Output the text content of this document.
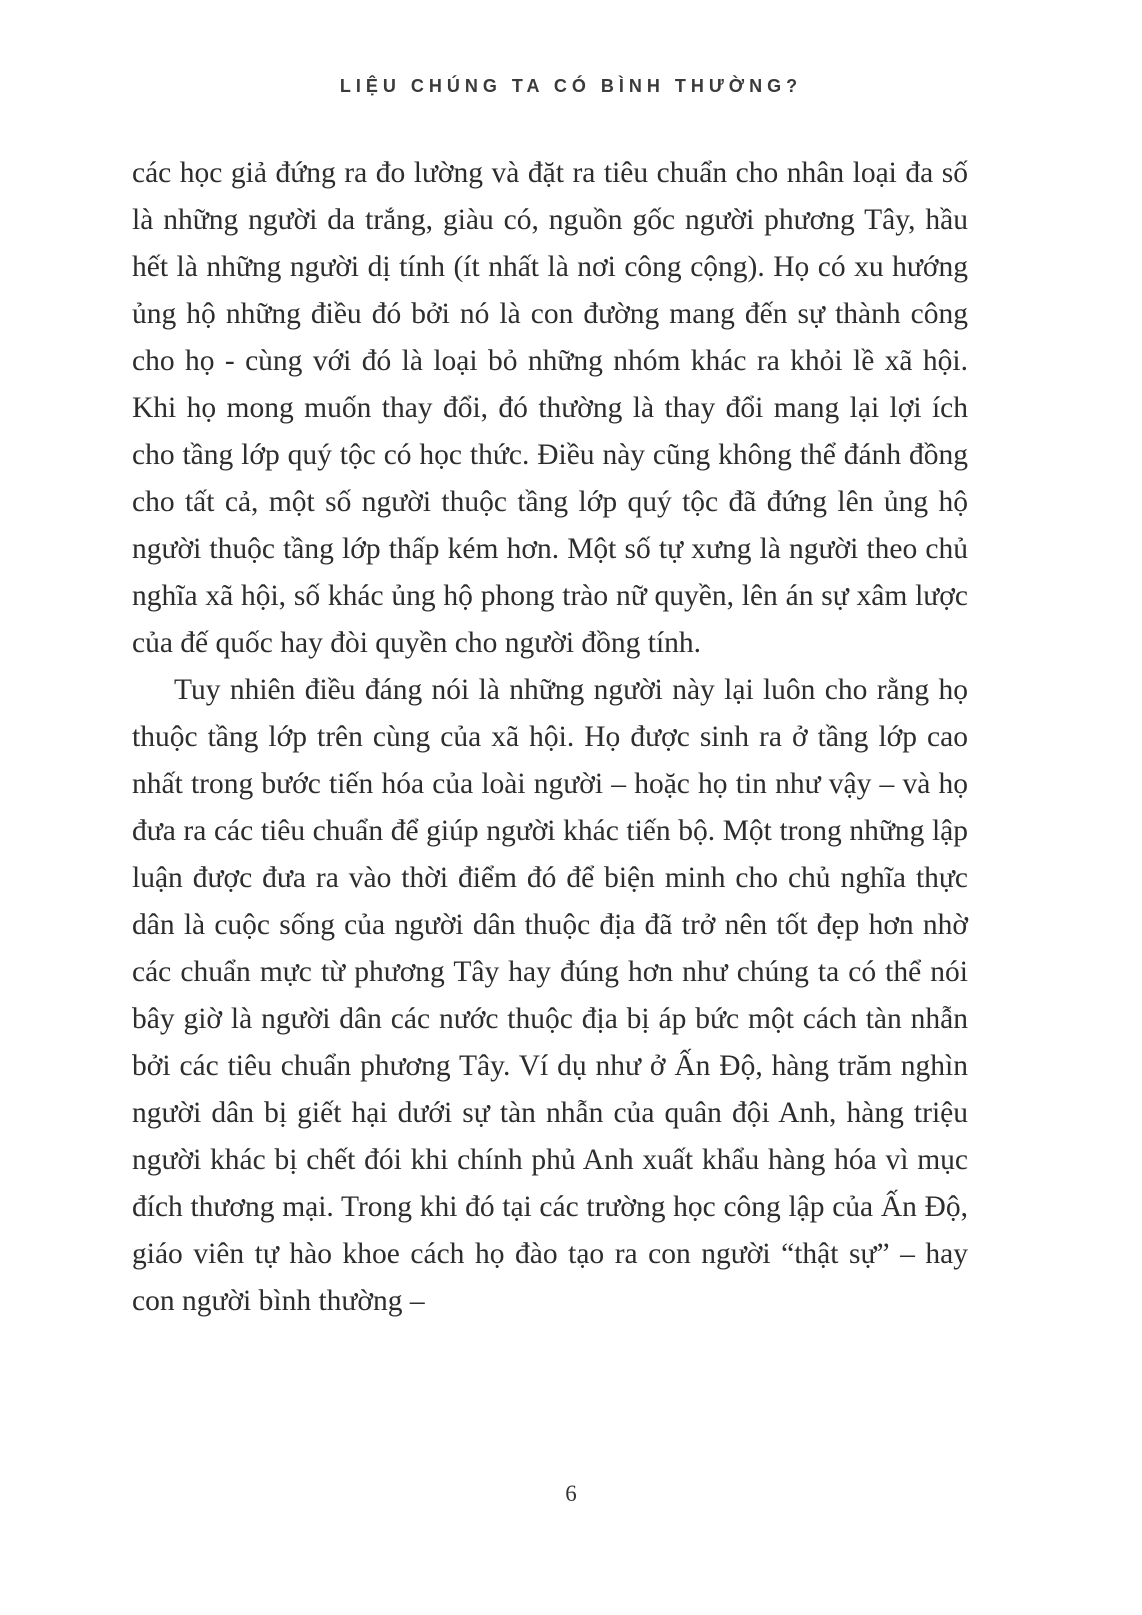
LIỆU CHÚNG TA CÓ BÌNH THƯỜNG?

các học giả đứng ra đo lường và đặt ra tiêu chuẩn cho nhân loại đa số là những người da trắng, giàu có, nguồn gốc người phương Tây, hầu hết là những người dị tính (ít nhất là nơi công cộng). Họ có xu hướng ủng hộ những điều đó bởi nó là con đường mang đến sự thành công cho họ - cùng với đó là loại bỏ những nhóm khác ra khỏi lề xã hội. Khi họ mong muốn thay đổi, đó thường là thay đổi mang lại lợi ích cho tầng lớp quý tộc có học thức. Điều này cũng không thể đánh đồng cho tất cả, một số người thuộc tầng lớp quý tộc đã đứng lên ủng hộ người thuộc tầng lớp thấp kém hơn. Một số tự xưng là người theo chủ nghĩa xã hội, số khác ủng hộ phong trào nữ quyền, lên án sự xâm lược của đế quốc hay đòi quyền cho người đồng tính.

Tuy nhiên điều đáng nói là những người này lại luôn cho rằng họ thuộc tầng lớp trên cùng của xã hội. Họ được sinh ra ở tầng lớp cao nhất trong bước tiến hóa của loài người – hoặc họ tin như vậy – và họ đưa ra các tiêu chuẩn để giúp người khác tiến bộ. Một trong những lập luận được đưa ra vào thời điểm đó để biện minh cho chủ nghĩa thực dân là cuộc sống của người dân thuộc địa đã trở nên tốt đẹp hơn nhờ các chuẩn mực từ phương Tây hay đúng hơn như chúng ta có thể nói bây giờ là người dân các nước thuộc địa bị áp bức một cách tàn nhẫn bởi các tiêu chuẩn phương Tây. Ví dụ như ở Ấn Độ, hàng trăm nghìn người dân bị giết hại dưới sự tàn nhẫn của quân đội Anh, hàng triệu người khác bị chết đói khi chính phủ Anh xuất khẩu hàng hóa vì mục đích thương mại. Trong khi đó tại các trường học công lập của Ấn Độ, giáo viên tự hào khoe cách họ đào tạo ra con người “thật sự” – hay con người bình thường –

6
